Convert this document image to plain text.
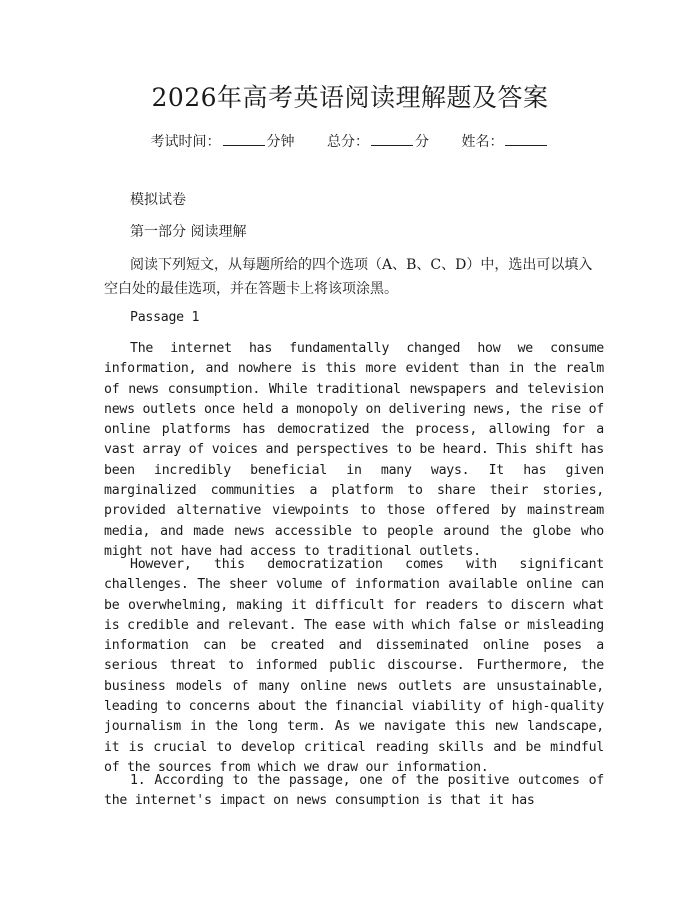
2026年高考英语阅读理解题及答案
考试时间：	分钟 总分：	分 姓名：
模拟试卷
第一部分 阅读理解
阅读下列短文，从每题所给的四个选项（A、B、C、D）中，选出可以填入空白处的最佳选项，并在答题卡上将该项涂黑。
Passage 1
The internet has fundamentally changed how we consume information, and nowhere is this more evident than in the realm of news consumption. While traditional newspapers and television news outlets once held a monopoly on delivering news, the rise of online platforms has democratized the process, allowing for a vast array of voices and perspectives to be heard. This shift has been incredibly beneficial in many ways. It has given marginalized communities a platform to share their stories, provided alternative viewpoints to those offered by mainstream media, and made news accessible to people around the globe who might not have had access to traditional outlets.
However, this democratization comes with significant challenges. The sheer volume of information available online can be overwhelming, making it difficult for readers to discern what is credible and relevant. The ease with which false or misleading information can be created and disseminated online poses a serious threat to informed public discourse. Furthermore, the business models of many online news outlets are unsustainable, leading to concerns about the financial viability of high-quality journalism in the long term. As we navigate this new landscape, it is crucial to develop critical reading skills and be mindful of the sources from which we draw our information.
1. According to the passage, one of the positive outcomes of the internet's impact on news consumption is that it has
